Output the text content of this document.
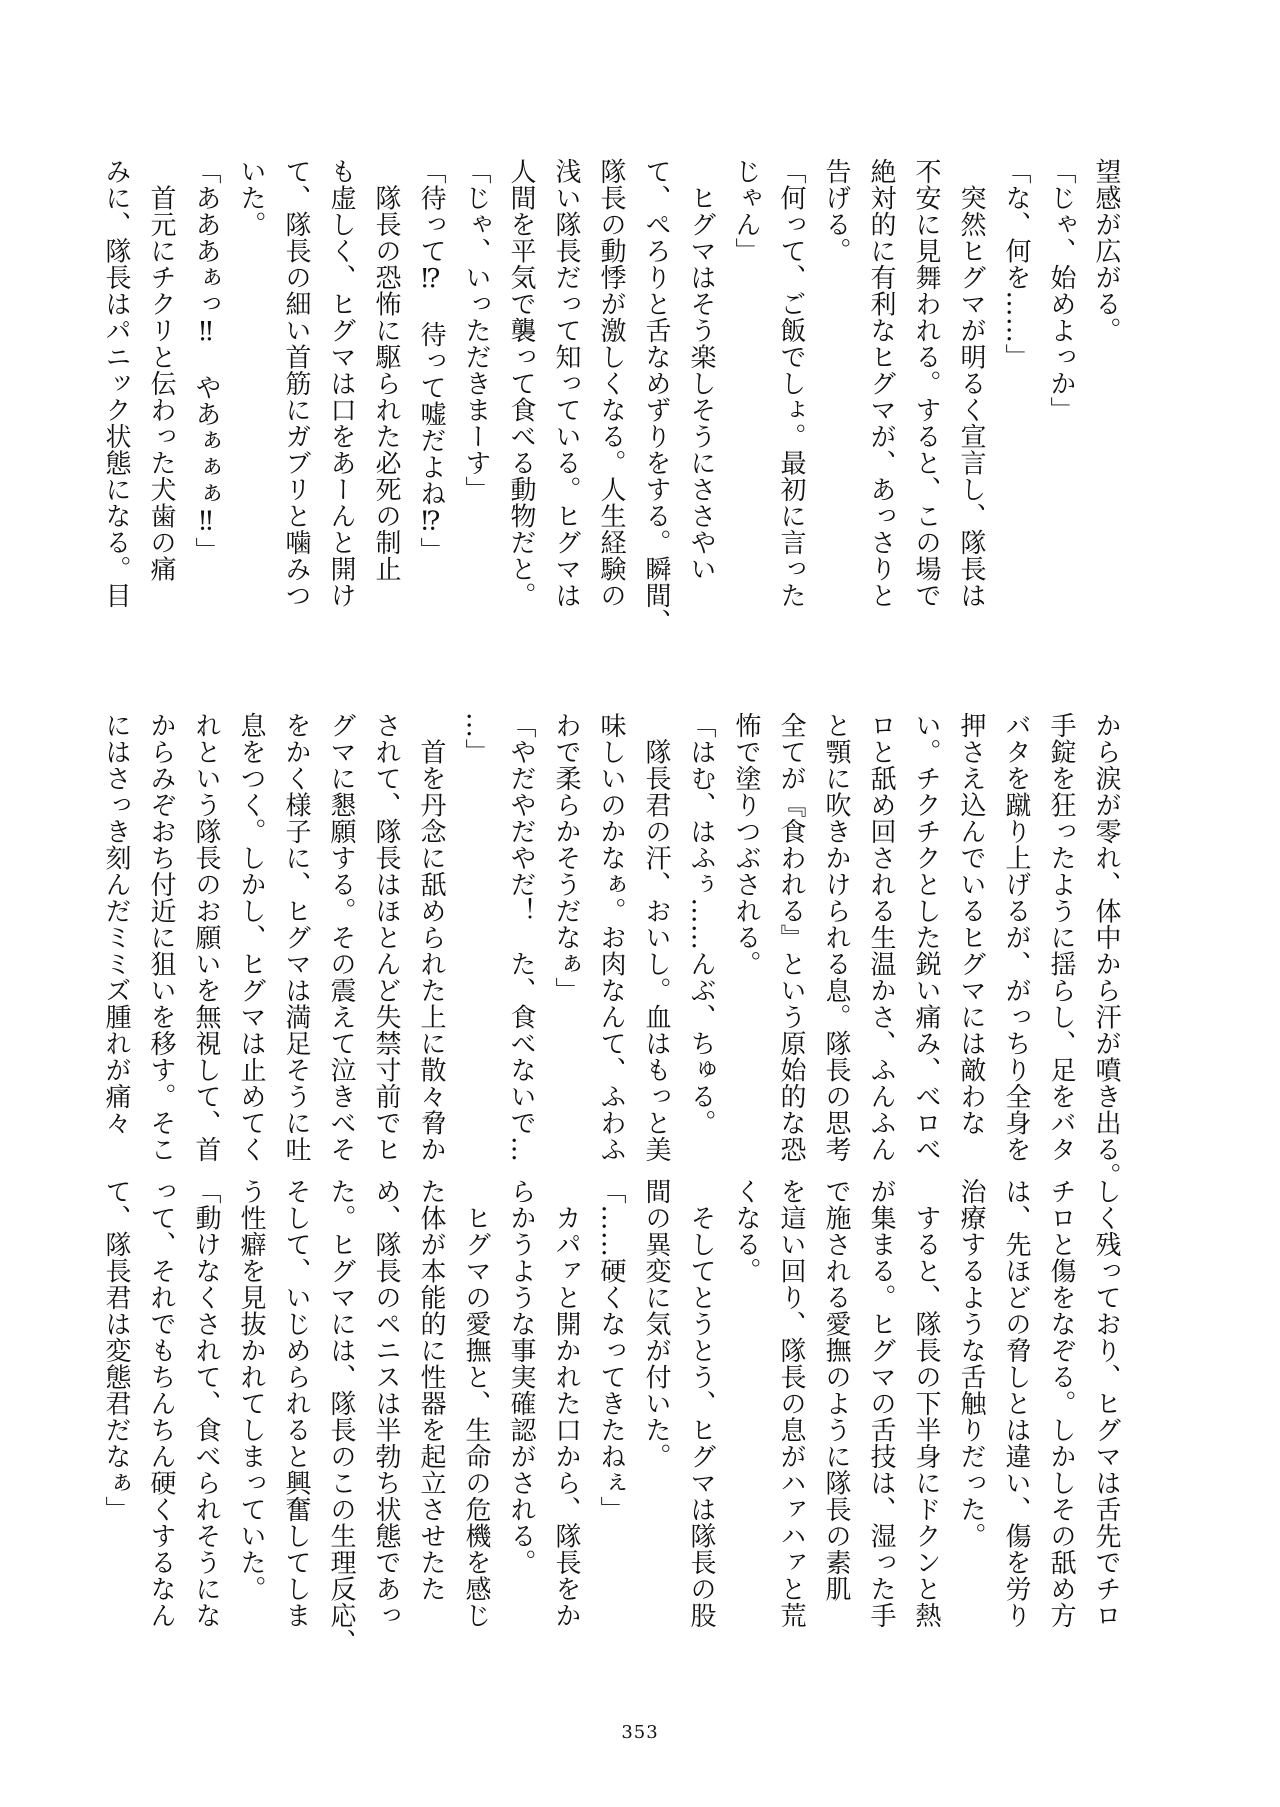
望感が広がる。
「じゃ、始めよっか」
「な、何を……」
　突然ヒグマが明るく宣言し、隊長は
不安に見舞われる。すると、この場で
絶対的に有利なヒグマが、あっさりと
告げる。
「何って、ご飯でしょ。最初に言った
じゃん」
　ヒグマはそう楽しそうにささやい
て、ぺろりと舌なめずりをする。瞬間、
隊長の動悸が激しくなる。人生経験の
浅い隊長だって知っている。ヒグマは
人間を平気で襲って食べる動物だと。
「じゃ、いっただきまーす」
「待って⁉　待って嘘だよね⁉」
　隊長の恐怖に駆られた必死の制止
も虚しく、ヒグマは口をあーんと開け
て、隊長の細い首筋にガブリと噛みつ
いた。
「あああぁっ‼　やあぁぁぁ‼」
　首元にチクリと伝わった犬歯の痛
みに、隊長はパニック状態になる。目
から涙が零れ、体中から汗が噴き出る。
手錠を狂ったように揺らし、足をバタ
バタを蹴り上げるが、がっちり全身を
押さえ込んでいるヒグマには敵わな
い。チクチクとした鋭い痛み、べロべ
ロと舐め回される生温かさ、ふんふん
と顎に吹きかけられる息。隊長の思考
全てが『食われる』という原始的な恐
怖で塗りつぶされる。
「はむ、はふぅ……んぶ、ちゅる。
　隊長君の汗、おいし。血はもっと美
味しいのかなぁ。お肉なんて、ふわふ
わで柔らかそうだなぁ」
「やだやだやだ！　た、食べないで…
…」
　首を丹念に舐められた上に散々脅か
されて、隊長はほとんど失禁寸前でヒ
グマに懇願する。その震えて泣きべそ
をかく様子に、ヒグマは満足そうに吐
息をつく。しかし、ヒグマは止めてく
れという隊長のお願いを無視して、首
からみぞおち付近に狙いを移す。そこ
にはさっき刻んだミミズ腫れが痛々
しく残っており、ヒグマは舌先でチロ
チロと傷をなぞる。しかしその舐め方
は、先ほどの脅しとは違い、傷を労り
治療するような舌触りだった。
　すると、隊長の下半身にドクンと熱
が集まる。ヒグマの舌技は、湿った手
で施される愛撫のように隊長の素肌
を這い回り、隊長の息がハァハァと荒
くなる。
　そしてとうとう、ヒグマは隊長の股
間の異変に気が付いた。
「……硬くなってきたねぇ」
　カパァと開かれた口から、隊長をか
らかうような事実確認がされる。
　ヒグマの愛撫と、生命の危機を感じ
た体が本能的に性器を起立させたた
め、隊長のペニスは半勃ち状態であっ
た。ヒグマには、隊長のこの生理反応、
そして、いじめられると興奮してしま
う性癖を見抜かれてしまっていた。
「動けなくされて、食べられそうにな
って、それでもちんちん硬くするなん
て、隊長君は変態君だなぁ」
353
